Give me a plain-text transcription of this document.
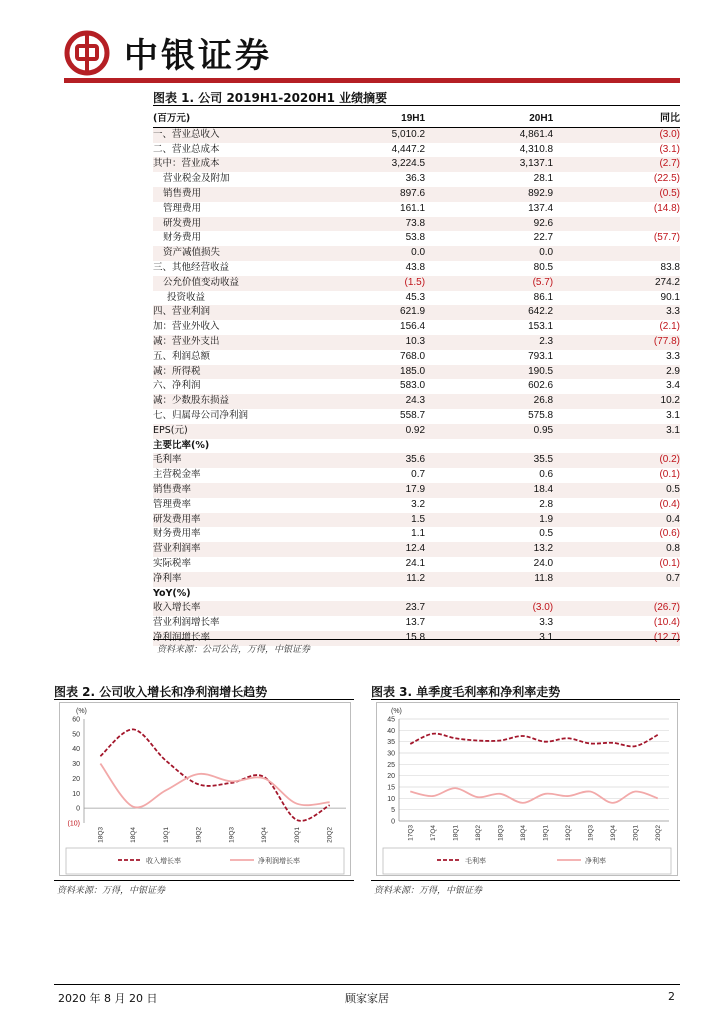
中银证券
图表 1. 公司 2019H1-2020H1 业绩摘要
(百万元)	19H1	20H1	同比
一、营业总收入	5,010.2	4,861.4	(3.0)
二、营业总成本	4,447.2	4,310.8	(3.1)
其中：营业成本	3,224.5	3,137.1	(2.7)
营业税金及附加	36.3	28.1	(22.5)
销售费用	897.6	892.9	(0.5)
管理费用	161.1	137.4	(14.8)
研发费用	73.8	92.6	
财务费用	53.8	22.7	(57.7)
资产减值损失	0.0	0.0	
三、其他经营收益	43.8	80.5	83.8
公允价值变动收益	(1.5)	(5.7)	274.2
投资收益	45.3	86.1	90.1
四、营业利润	621.9	642.2	3.3
加：营业外收入	156.4	153.1	(2.1)
减：营业外支出	10.3	2.3	(77.8)
五、利润总额	768.0	793.1	3.3
减：所得税	185.0	190.5	2.9
六、净利润	583.0	602.6	3.4
减：少数股东损益	24.3	26.8	10.2
七、归属母公司净利润	558.7	575.8	3.1
EPS(元)	0.92	0.95	3.1
主要比率(%)			
毛利率	35.6	35.5	(0.2)
主营税金率	0.7	0.6	(0.1)
销售费率	17.9	18.4	0.5
管理费率	3.2	2.8	(0.4)
研发费用率	1.5	1.9	0.4
财务费用率	1.1	0.5	(0.6)
营业利润率	12.4	13.2	0.8
实际税率	24.1	24.0	(0.1)
净利率	11.2	11.8	0.7
YoY(%)			
收入增长率	23.7	(3.0)	(26.7)
营业利润增长率	13.7	3.3	(10.4)
净利润增长率	15.8	3.1	(12.7)
资料来源：公司公告，万得，中银证券
图表 2. 公司收入增长和净利润增长趋势
(%)
60
50
40
30
20
10
0
(10)
18Q3	18Q4	19Q1	19Q2	19Q3	19Q4	20Q1	20Q2
收入增长率	净利润增长率
资料来源：万得，中银证券
图表 3. 单季度毛利率和净利率走势
(%)
45
40
35
30
25
20
15
10
5
0
17Q3 17Q4 18Q1 18Q2 18Q3 18Q4 19Q1 19Q2 19Q3 19Q4 20Q1 20Q2
毛利率	净利率
资料来源：万得，中银证券
2020 年 8 月 20 日	顾家家居	2
